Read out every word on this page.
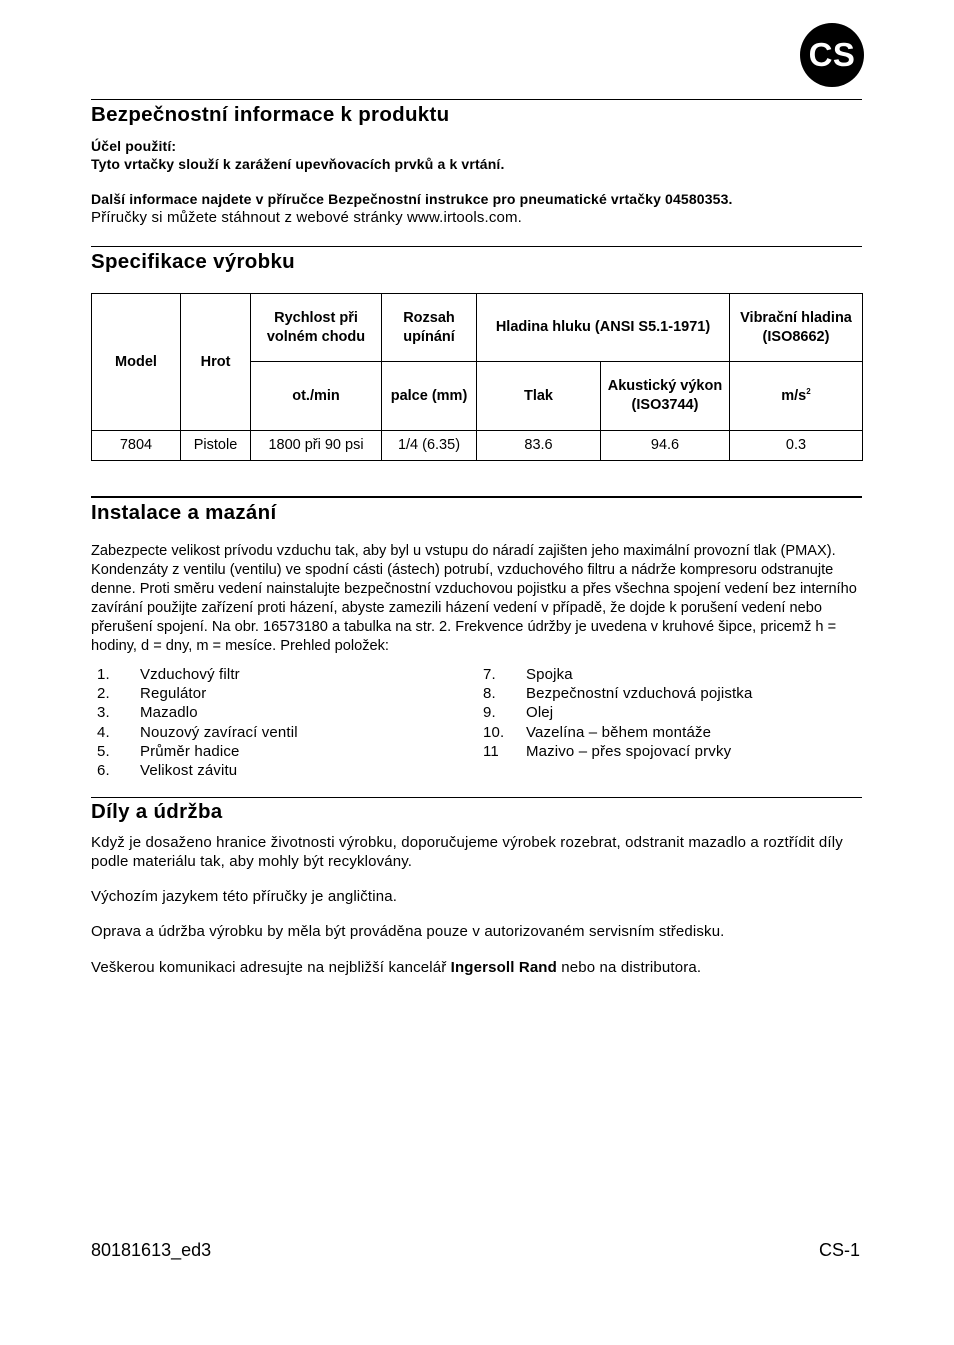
CS
Bezpečnostní informace k produktu

Účel použití:

Tyto vrtačky slouží k zarážení upevňovacích prvků a k vrtání.

Další informace najdete v příručce Bezpečnostní instrukce pro pneumatické vrtačky 04580353.

Příručky si můžete stáhnout z webové stránky www.irtools.com.

Specifikace výrobku
Model	Hrot	Rychlost při volném chodu	Rozsah upínání	Hladina hluku (ANSI S5.1-1971)		Vibrační hladina (ISO8662)
		ot./min	palce (mm)	Tlak	Akustický výkon (ISO3744)	$m/s^2$
7804	Pistole	1800 při 90 psi	1/4 (6.35)	83.6	94.6	0.3
Instalace a mazání

Zabezpecte velikost prívodu vzduchu tak, aby byl u vstupu do náradí zajišten jeho maximální provozní tlak (PMAX). Kondenzáty z ventilu (ventilu) ve spodní cásti (ástech) potrubí, vzduchového filtru a nádrže kompresoru odstranujte denne. Proti směru vedení nainstalujte bezpečnostní vzduchovou pojistku a přes všechna spojení vedení bez interního zavírání použijte zařízení proti házení, abyste zamezili házení vedení v případě, že dojde k porušení vedení nebo přerušení spojení. Na obr. 16573180 a tabulka na str. 2. Frekvence údržby je uvedena v kruhové šipce, pricemž h = hodiny, d = dny, m = mesíce. Prehled položek:

1.	Vzduchový filtr
2.	Regulátor
3.	Mazadlo
4.	Nouzový zavírací ventil
5.	Průměr hadice
6.	Velikost závitu
7.	Spojka
8.	Bezpečnostní vzduchová pojistka
9.	Olej
10.	Vazelína – během montáže
11	Mazivo – přes spojovací prvky
Díly a údržba

Když je dosaženo hranice životnosti výrobku, doporučujeme výrobek rozebrat, odstranit mazadlo a roztřídit díly podle materiálu tak, aby mohly být recyklovány.

Výchozím jazykem této příručky je angličtina.

Oprava a údržba výrobku by měla být prováděna pouze v autorizovaném servisním středisku.

Veškerou komunikaci adresujte na nejbližší kancelář Ingersoll Rand nebo na distributora.

80181613_ed3	CS-1
